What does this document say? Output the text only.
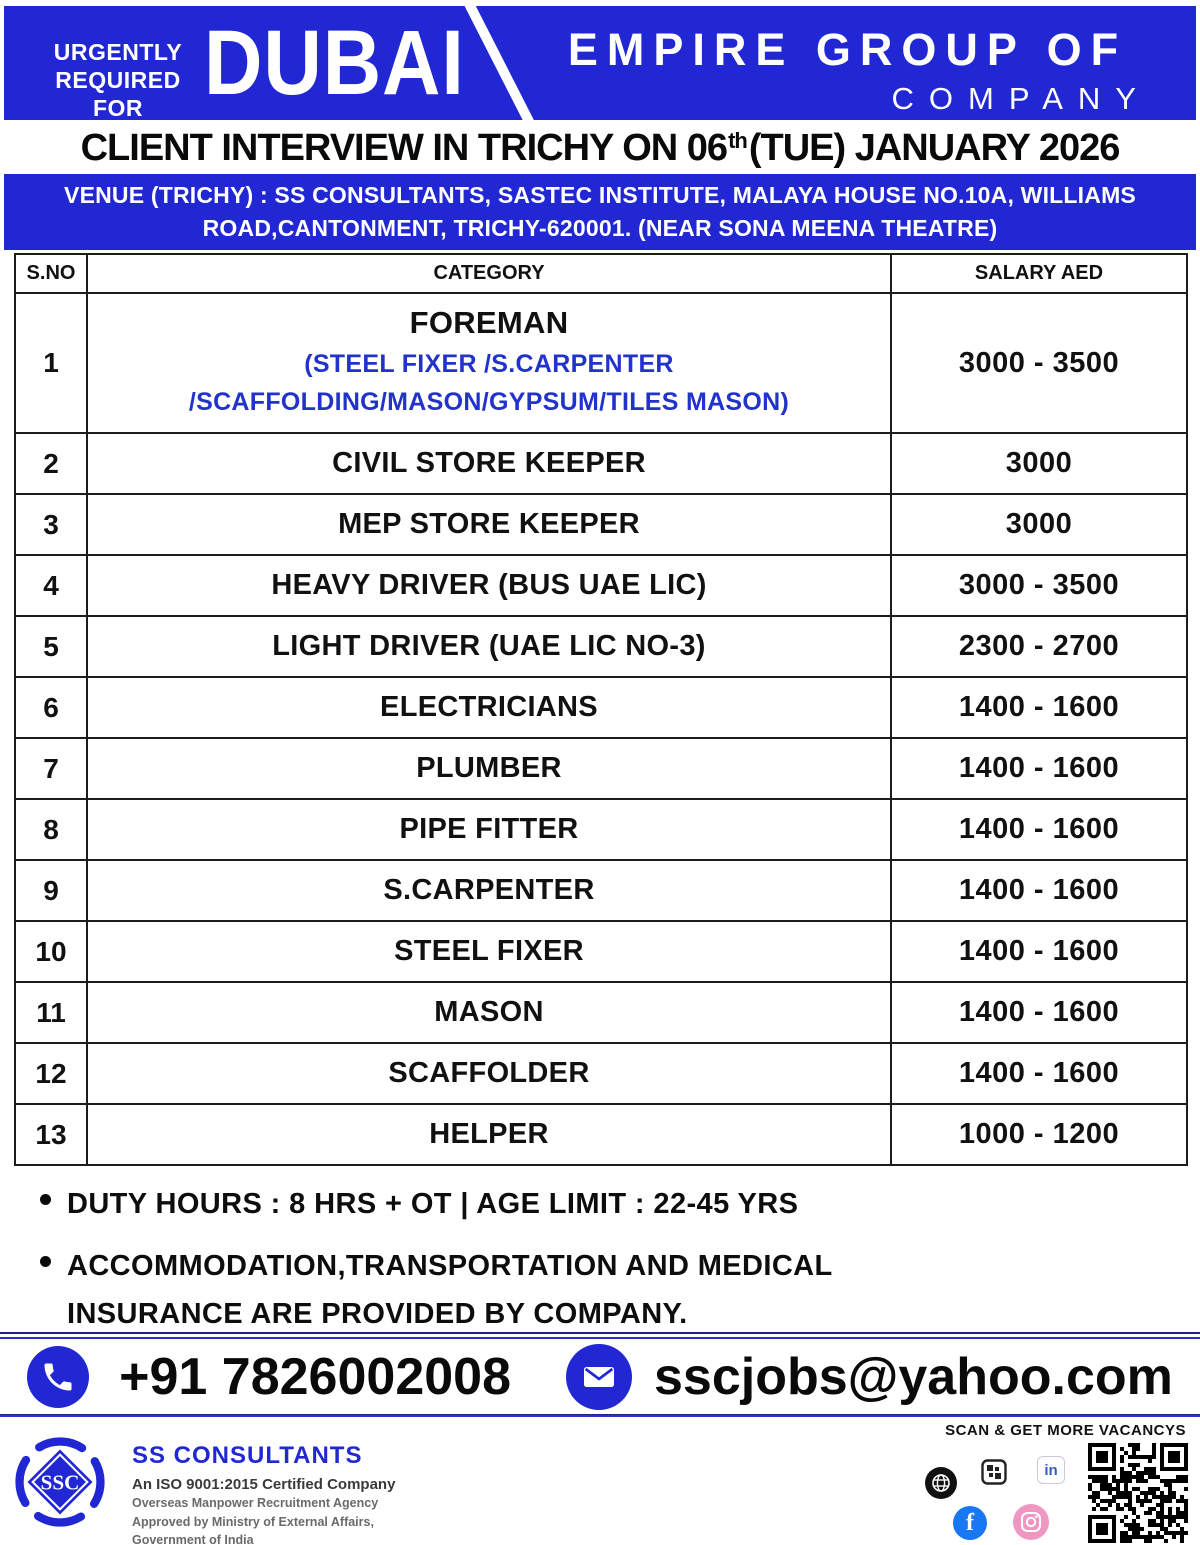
URGENTLY
REQUIRED FOR DUBAI	EMPIRE GROUP OF
COMPANY
CLIENT INTERVIEW IN TRICHY ON 06 th (TUE) JANUARY 2026
VENUE (TRICHY) : SS CONSULTANTS, SASTEC INSTITUTE, MALAYA HOUSE NO.10A, WILLIAMS ROAD,CANTONMENT, TRICHY-620001. (NEAR SONA MEENA THEATRE)
S.NO	CATEGORY	SALARY AED
1	FOREMAN
(STEEL FIXER /S.CARPENTER
/SCAFFOLDING/MASON/GYPSUM/TILES MASON)	3000 - 3500
2	CIVIL STORE KEEPER	3000
3	MEP STORE KEEPER	3000
4	HEAVY DRIVER (BUS UAE LIC)	3000 - 3500
5	LIGHT DRIVER (UAE LIC NO-3)	2300 - 2700
6	ELECTRICIANS	1400 - 1600
7	PLUMBER	1400 - 1600
8	PIPE FITTER	1400 - 1600
9	S.CARPENTER	1400 - 1600
10	STEEL FIXER	1400 - 1600
11	MASON	1400 - 1600
12	SCAFFOLDER	1400 - 1600
13	HELPER	1000 - 1200
DUTY HOURS : 8 HRS + OT | AGE LIMIT : 22-45 YRS
ACCOMMODATION,TRANSPORTATION AND MEDICAL INSURANCE ARE PROVIDED BY COMPANY.
+91 7826002008	sscjobs@yahoo.com
SSC
SS CONSULTANTS
An ISO 9001:2015 Certified Company
Overseas Manpower Recruitment Agency
Approved by Ministry of External Affairs,
Government of India
SCAN & GET MORE VACANCYS
in
f
